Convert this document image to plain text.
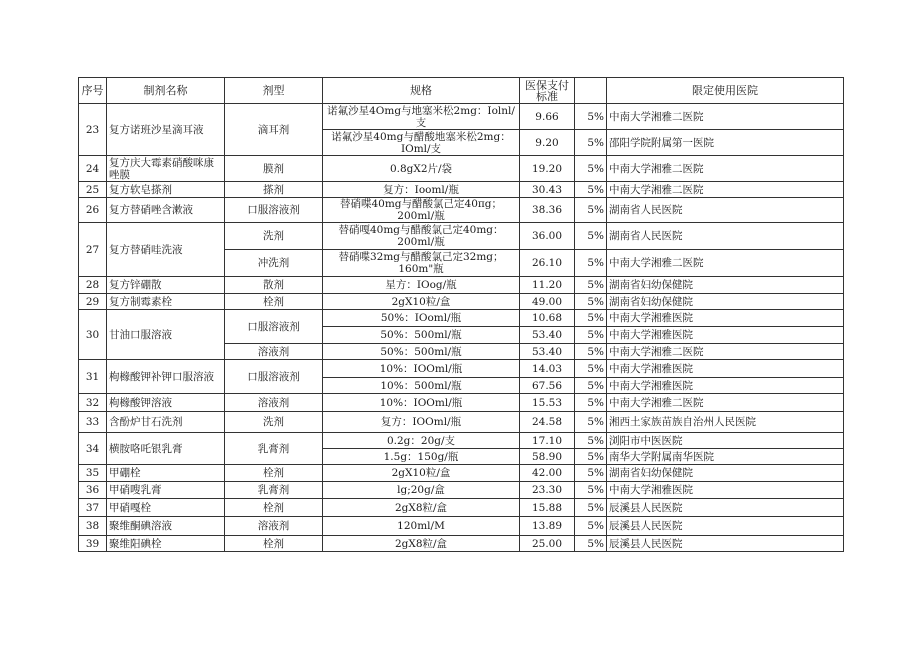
序号	制剂名称	剂型	规格	医保支付标准		限定使用医院
23	复方诺班沙星滴耳液	滴耳剂	诺氟沙星4Omg与地塞米松2mg：Iolnl/支	9.66	5%	中南大学湘雅二医院
			诺氟沙星40mg与醋酸地塞米松2mg：IOml/支	9.20	5%	邵阳学院附属第一医院
24	复方庆大霉素硝酸咪康唑膜	膜剂	0.8gX2片/袋	19.20	5%	中南大学湘雅二医院
25	复方软皂搽剂	搽剂	复方：Iooml/瓶	30.43	5%	中南大学湘雅二医院
26	复方替硝唑含漱液	口服溶液剂	替硝喋40mg与醋酸氯己定40πg；200ml/瓶	38.36	5%	湖南省人民医院
27	复方替硝哇洗液	洗剂	替硝嘎40mg与醋酸氯己定40mg：200ml/瓶	36.00	5%	湖南省人民医院
		冲洗剂	替硝喋32mg与醋酸氯己定32mg；160m"瓶	26.10	5%	中南大学湘雅二医院
28	复方锌硼散	散剂	星方：IOog/瓶	11.20	5%	湖南省妇幼保健院
29	复方制霉素栓	栓剂	2gX10粒/盒	49.00	5%	湖南省妇幼保健院
30	甘油口服溶液	口服溶液剂	50%：IOoml/瓶	10.68	5%	中南大学湘雅医院
			50%：500ml/瓶	53.40	5%	中南大学湘雅医院
		溶液剂	50%：500ml/瓶	53.40	5%	中南大学湘雅二医院
31	枸橼酸钾补钾口服溶液	口服溶液剂	10%：IOOml/瓶	14.03	5%	中南大学湘雅医院
			10%：500ml/瓶	67.56	5%	中南大学湘雅医院
32	枸橼酸钾溶液	溶液剂	10%：IOOml/瓶	15.53	5%	中南大学湘雅二医院
33	含酚炉甘石洗剂	洗剂	复方：IOOml/瓶	24.58	5%	湘西土家族苗族自治州人民医院
34	横胺咯吒银乳膏	乳膏剂	0.2g：20g/支	17.10	5%	浏阳市中医医院
			1.5g：150g/瓶	58.90	5%	南华大学附属南华医院
35	甲硼栓	栓剂	2gX10粒/盒	42.00	5%	湖南省妇幼保健院
36	甲硝嗖乳膏	乳膏剂	lg;20g/盒	23.30	5%	中南大学湘雅医院
37	甲硝嘎栓	栓剂	2gX8粒/盒	15.88	5%	辰溪县人民医院
38	聚维酮碘溶液	溶液剂	120ml/M	13.89	5%	辰溪县人民医院
39	聚维阳碘栓	栓剂	2gX8粒/盒	25.00	5%	辰溪县人民医院
